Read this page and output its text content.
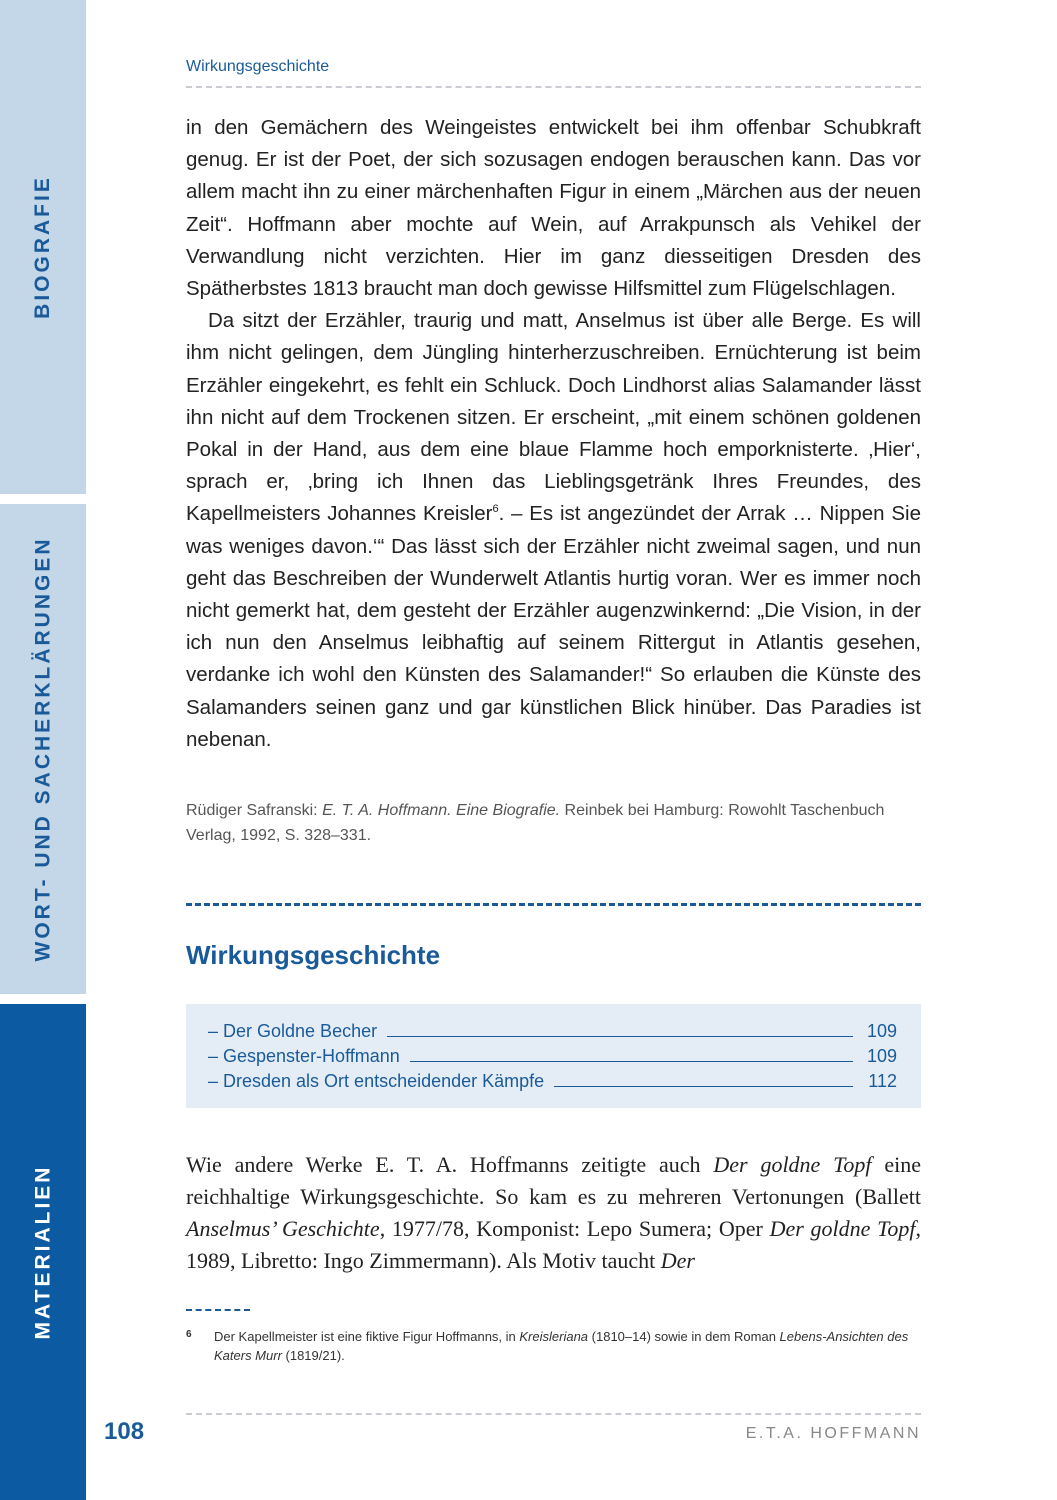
BIOGRAFIE
WORT- UND SACHERKLÄRUNGEN
MATERIALIEN
Wirkungsgeschichte

in den Gemächern des Weingeistes entwickelt bei ihm offenbar Schubkraft genug. Er ist der Poet, der sich sozusagen endogen berauschen kann. Das vor allem macht ihn zu einer märchenhaften Figur in einem „Märchen aus der neuen Zeit“. Hoffmann aber mochte auf Wein, auf Arrakpunsch als Vehikel der Verwandlung nicht verzichten. Hier im ganz diesseitigen Dresden des Spätherbstes 1813 braucht man doch gewisse Hilfsmittel zum Flügelschlagen.

Da sitzt der Erzähler, traurig und matt, Anselmus ist über alle Berge. Es will ihm nicht gelingen, dem Jüngling hinterherzuschreiben. Ernüchterung ist beim Erzähler eingekehrt, es fehlt ein Schluck. Doch Lindhorst alias Salamander lässt ihn nicht auf dem Trockenen sitzen. Er erscheint, „mit einem schönen goldenen Pokal in der Hand, aus dem eine blaue Flamme hoch emporknisterte. ‚Hier‘, sprach er, ‚bring ich Ihnen das Lieblingsgetränk Ihres Freundes, des Kapellmeisters Johannes Kreisler$^6$. – Es ist angezündet der Arrak … Nippen Sie was weniges davon.‘“ Das lässt sich der Erzähler nicht zweimal sagen, und nun geht das Beschreiben der Wunderwelt Atlantis hurtig voran. Wer es immer noch nicht gemerkt hat, dem gesteht der Erzähler augenzwinkernd: „Die Vision, in der ich nun den Anselmus leibhaftig auf seinem Rittergut in Atlantis gesehen, verdanke ich wohl den Künsten des Salamander!“ So erlauben die Künste des Salamanders seinen ganz und gar künstlichen Blick hinüber. Das Paradies ist nebenan.

Rüdiger Safranski: E. T. A. Hoffmann. Eine Biografie. Reinbek bei Hamburg: Rowohlt Taschenbuch Verlag, 1992, S. 328–331.
Wirkungsgeschichte
– Der Goldne Becher	109
– Gespenster-Hoffmann	109
– Dresden als Ort entscheidender Kämpfe	112
Wie andere Werke E. T. A. Hoffmanns zeitigte auch Der goldne Topf eine reichhaltige Wirkungsgeschichte. So kam es zu mehreren Vertonungen (Ballett Anselmus’ Geschichte, 1977/78, Komponist: Lepo Sumera; Oper Der goldne Topf, 1989, Libretto: Ingo Zimmermann). Als Motiv taucht Der
6 Der Kapellmeister ist eine fiktive Figur Hoffmanns, in Kreisleriana (1810–14) sowie in dem Roman Lebens-Ansichten des Katers Murr (1819/21).
108	E.T.A. HOFFMANN
